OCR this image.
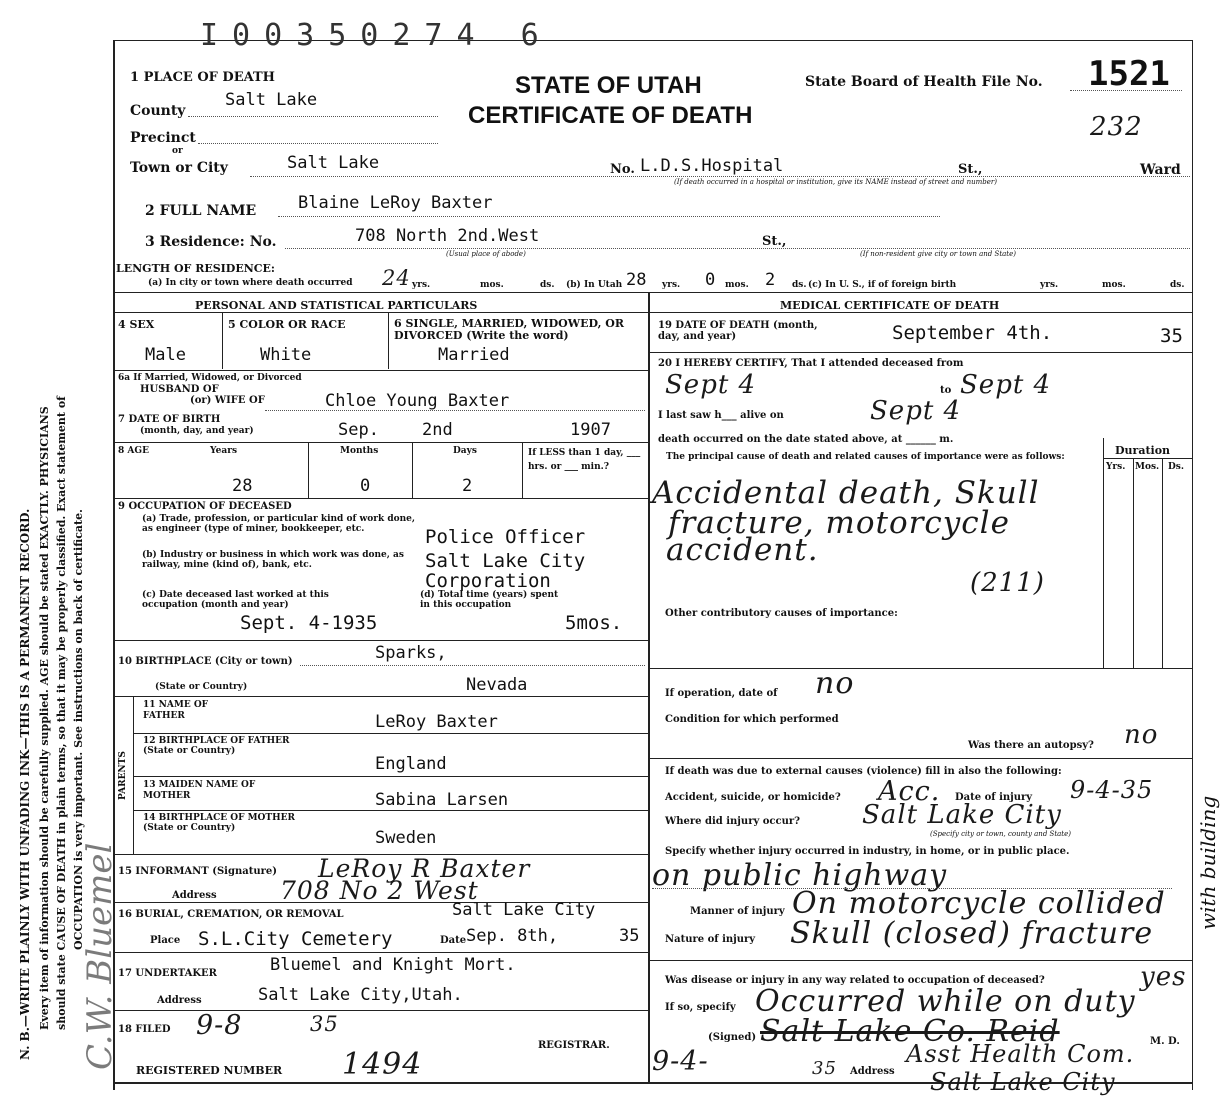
N. B.—WRITE PLAINLY WITH UNFADING INK—THIS IS A PERMANENT RECORD. Every item of information should be carefully supplied. AGE should be stated EXACTLY. PHYSICIANS should state CAUSE OF DEATH in plain terms, so that it may be properly classified. Exact statement of OCCUPATION is very important. See instructions on back of certificate.
C.W. Bluemel
I00350274 6
1 PLACE OF DEATH	STATE OF UTAH
CERTIFICATE OF DEATH
State Board of Health File No. 1521
232
County
Salt Lake
Precinct
or
Town or City	Salt Lake	No. L.D.S.Hospital	St.,	Ward
(If death occurred in a hospital or institution, give its NAME instead of street and number)
2 FULL NAME Blaine LeRoy Baxter
3 Residence: No.	708 North 2nd.West
(Usual place of abode)
St.,
(If non-resident give city or town and State)
LENGTH OF RESIDENCE:
(a) In city or town where death occurred 24 yrs.	mos.	ds. (b) In Utah 28 yrs. 0 mos. 2 ds. (c) In U. S., if of foreign birth	yrs.	mos.	ds.
PERSONAL AND STATISTICAL PARTICULARS
4 SEX	5 COLOR OR RACE	6 SINGLE, MARRIED, WIDOWED, OR DIVORCED (Write the word)
Male	White	Married
6a If Married, Widowed, or Divorced
HUSBAND OF
(or) WIFE OF	Chloe Young Baxter
7 DATE OF BIRTH
(month, day, and year)	Sep.	2nd	1907
8 AGE	Years	Months	Days	If LESS than 1 day, ___ hrs. or ___ min.?
28	0	2
9 OCCUPATION OF DECEASED
(a) Trade, profession, or particular kind of work done, as engineer (type of miner, bookkeeper, etc.	Police Officer
(b) Industry or business in which work was done, as railway, mine (kind of), bank, etc.	Salt Lake City
Corporation
(c) Date deceased last worked at this occupation (month and year)
Sept. 4-1935
(d) Total time (years) spent in this occupation
5mos.
10 BIRTHPLACE (City or town)	Sparks,
(State or Country)	Nevada
PARENTS
11 NAME OF FATHER	LeRoy Baxter
12 BIRTHPLACE OF FATHER (State or Country)
England
13 MAIDEN NAME OF MOTHER	Sabina Larsen
14 BIRTHPLACE OF MOTHER (State or Country)	Sweden
15 INFORMANT (Signature) LeRoy R Baxter
Address	708 No 2 West
16 BURIAL, CREMATION, OR REMOVAL	Salt Lake City
Place S.L.City Cemetery	Date Sep. 8th,	35
17 UNDERTAKER	Bluemel and Knight Mort.
Address	Salt Lake City,Utah.
18 FILED 9-8	35
REGISTRAR.
REGISTERED NUMBER 1494
MEDICAL CERTIFICATE OF DEATH
19 DATE OF DEATH (month, day, and year)	September 4th.	35
20 I HEREBY CERTIFY, That I attended deceased from
Sept 4	to Sept 4
I last saw h___ alive on	Sept 4
death occurred on the date stated above, at ______ m.
The principal cause of death and related causes of importance were as follows:	Duration
Yrs. Mos. Ds.
Accidental death, Skull
fracture, motorcycle
accident.
(211)
Other contributory causes of importance:
If operation, date of no
Condition for which performed
Was there an autopsy? no
If death was due to external causes (violence) fill in also the following:
Accident, suicide, or homicide? Acc. Date of injury 9-4-35
Where did injury occur? Salt Lake City
(Specify city or town, county and State)
Specify whether injury occurred in industry, in home, or in public place.
on public highway
Manner of injury On motorcycle collided with building
Nature of injury Skull (closed) fracture
Was disease or injury in any way related to occupation of deceased?	yes
If so, specify Occurred while on duty
(Signed) Salt Lake Co. Reid	M. D.
9-4-	35 Address
Asst Health Com.
Salt Lake City
